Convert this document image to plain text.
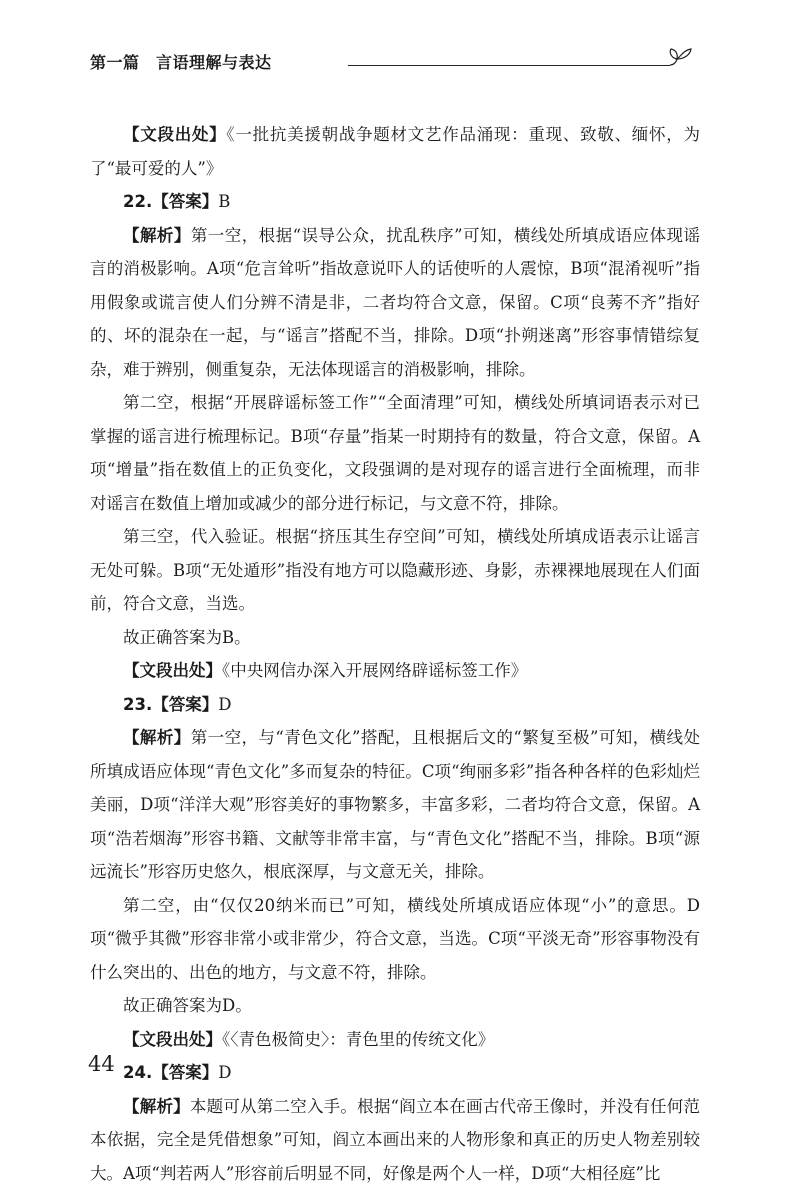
第一篇　言语理解与表达

【文段出处】《一批抗美援朝战争题材文艺作品涌现：重现、致敬、缅怀，为了“最可爱的人”》

22.【答案】B

【解析】第一空，根据“误导公众，扰乱秩序”可知，横线处所填成语应体现谣言的消极影响。A项“危言耸听”指故意说吓人的话使听的人震惊，B项“混淆视听”指用假象或谎言使人们分辨不清是非，二者均符合文意，保留。C项“良莠不齐”指好的、坏的混杂在一起，与“谣言”搭配不当，排除。D项“扑朔迷离”形容事情错综复杂，难于辨别，侧重复杂，无法体现谣言的消极影响，排除。

第二空，根据“开展辟谣标签工作”“全面清理”可知，横线处所填词语表示对已掌握的谣言进行梳理标记。B项“存量”指某一时期持有的数量，符合文意，保留。A项“增量”指在数值上的正负变化，文段强调的是对现存的谣言进行全面梳理，而非对谣言在数值上增加或减少的部分进行标记，与文意不符，排除。

第三空，代入验证。根据“挤压其生存空间”可知，横线处所填成语表示让谣言无处可躲。B项“无处遁形”指没有地方可以隐藏形迹、身影，赤裸裸地展现在人们面前，符合文意，当选。

故正确答案为B。

【文段出处】《中央网信办深入开展网络辟谣标签工作》

23.【答案】D

【解析】第一空，与“青色文化”搭配，且根据后文的“繁复至极”可知，横线处所填成语应体现“青色文化”多而复杂的特征。C项“绚丽多彩”指各种各样的色彩灿烂美丽，D项“洋洋大观”形容美好的事物繁多，丰富多彩，二者均符合文意，保留。A项“浩若烟海”形容书籍、文献等非常丰富，与“青色文化”搭配不当，排除。B项“源远流长”形容历史悠久，根底深厚，与文意无关，排除。

第二空，由“仅仅20纳米而已”可知，横线处所填成语应体现“小”的意思。D项“微乎其微”形容非常小或非常少，符合文意，当选。C项“平淡无奇”形容事物没有什么突出的、出色的地方，与文意不符，排除。

故正确答案为D。

【文段出处】《〈青色极简史〉：青色里的传统文化》

24.【答案】D

【解析】本题可从第二空入手。根据“阎立本在画古代帝王像时，并没有任何范本依据，完全是凭借想象”可知，阎立本画出来的人物形象和真正的历史人物差别较大。A项“判若两人”形容前后明显不同，好像是两个人一样，D项“大相径庭”比

44
